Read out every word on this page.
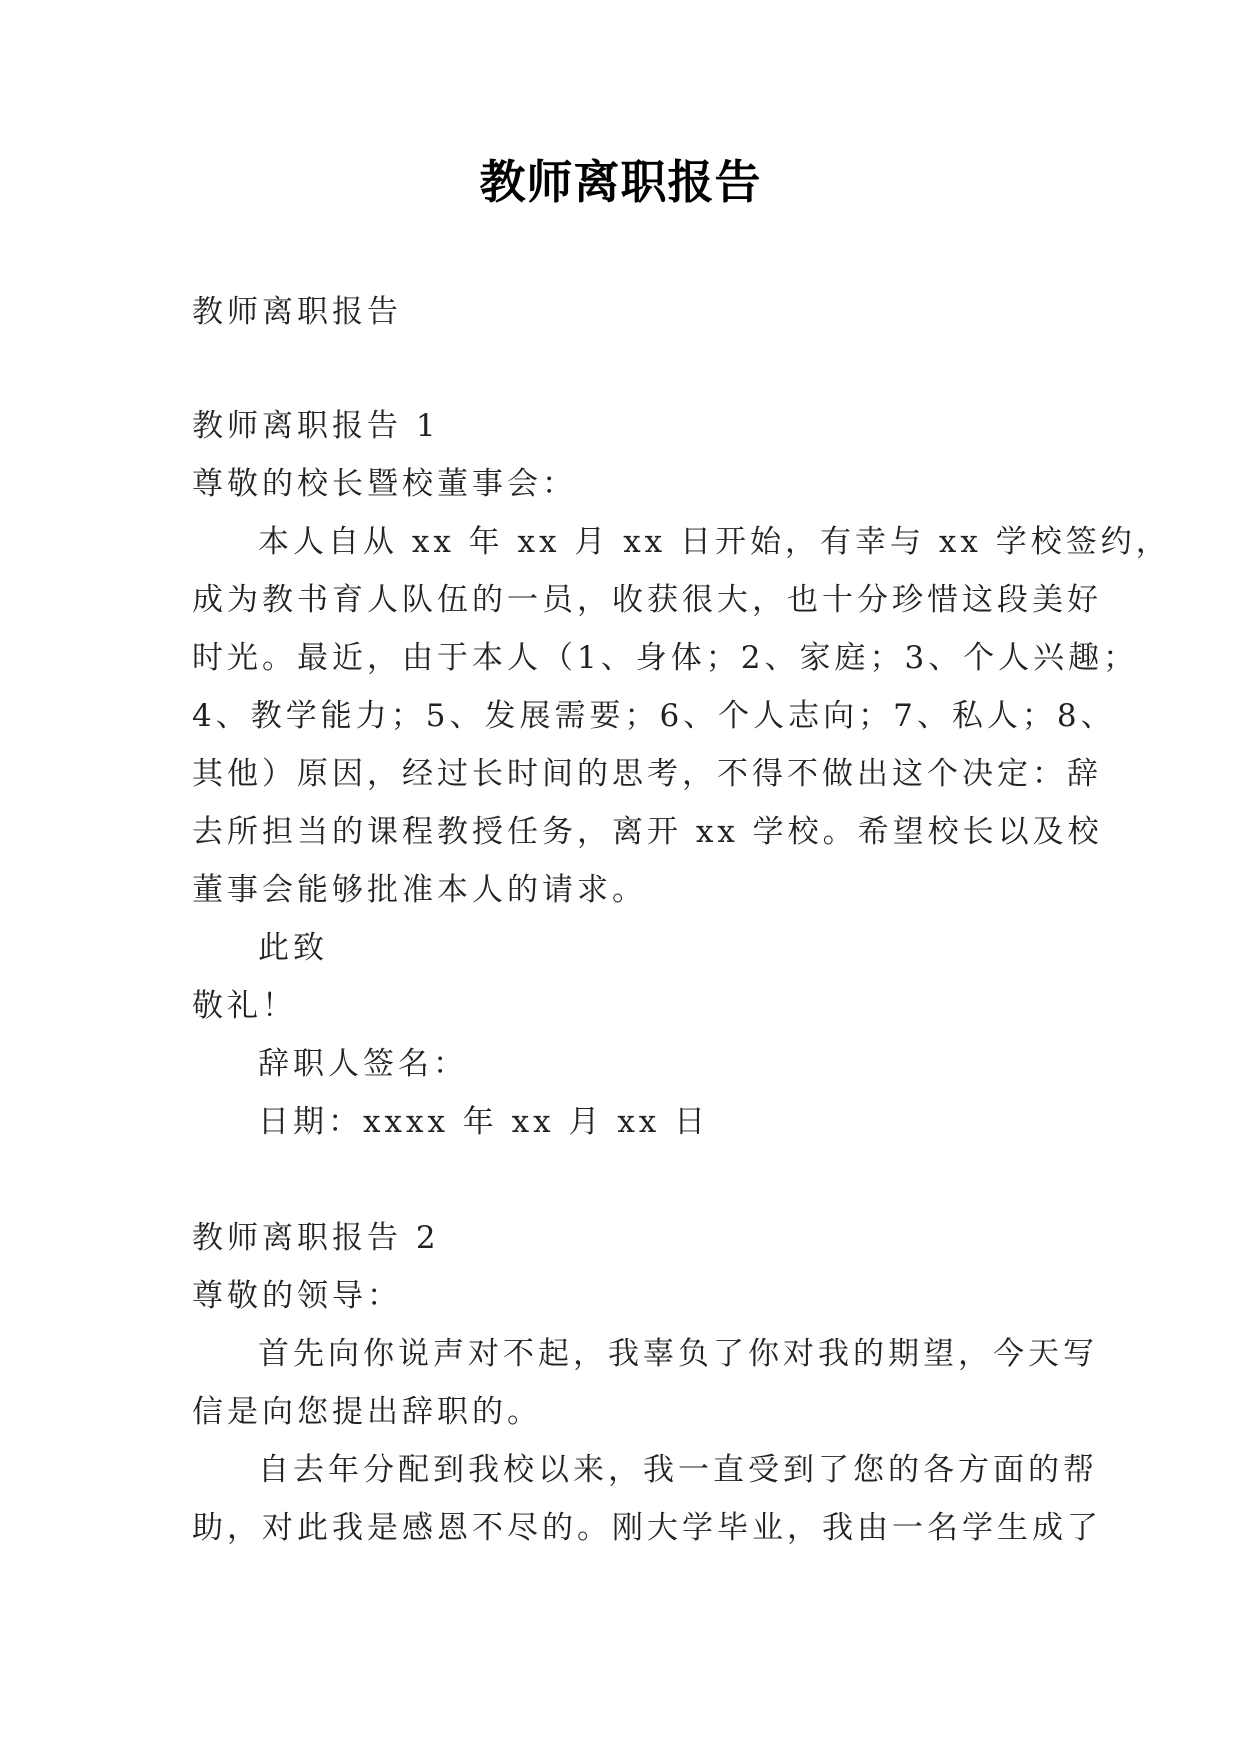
教师离职报告
教师离职报告
教师离职报告 1
尊敬的校长暨校董事会：
本人自从 xx 年 xx 月 xx 日开始，有幸与 xx 学校签约，
成为教书育人队伍的一员，收获很大，也十分珍惜这段美好
时光。最近，由于本人（1、身体；2、家庭；3、个人兴趣；
4、教学能力；5、发展需要；6、个人志向；7、私人；8、
其他）原因，经过长时间的思考，不得不做出这个决定：辞
去所担当的课程教授任务，离开 xx 学校。希望校长以及校
董事会能够批准本人的请求。
此致
敬礼！
辞职人签名：
日期：xxxx 年 xx 月 xx 日
教师离职报告 2
尊敬的领导：
首先向你说声对不起，我辜负了你对我的期望，今天写
信是向您提出辞职的。
自去年分配到我校以来，我一直受到了您的各方面的帮
助，对此我是感恩不尽的。刚大学毕业，我由一名学生成了
